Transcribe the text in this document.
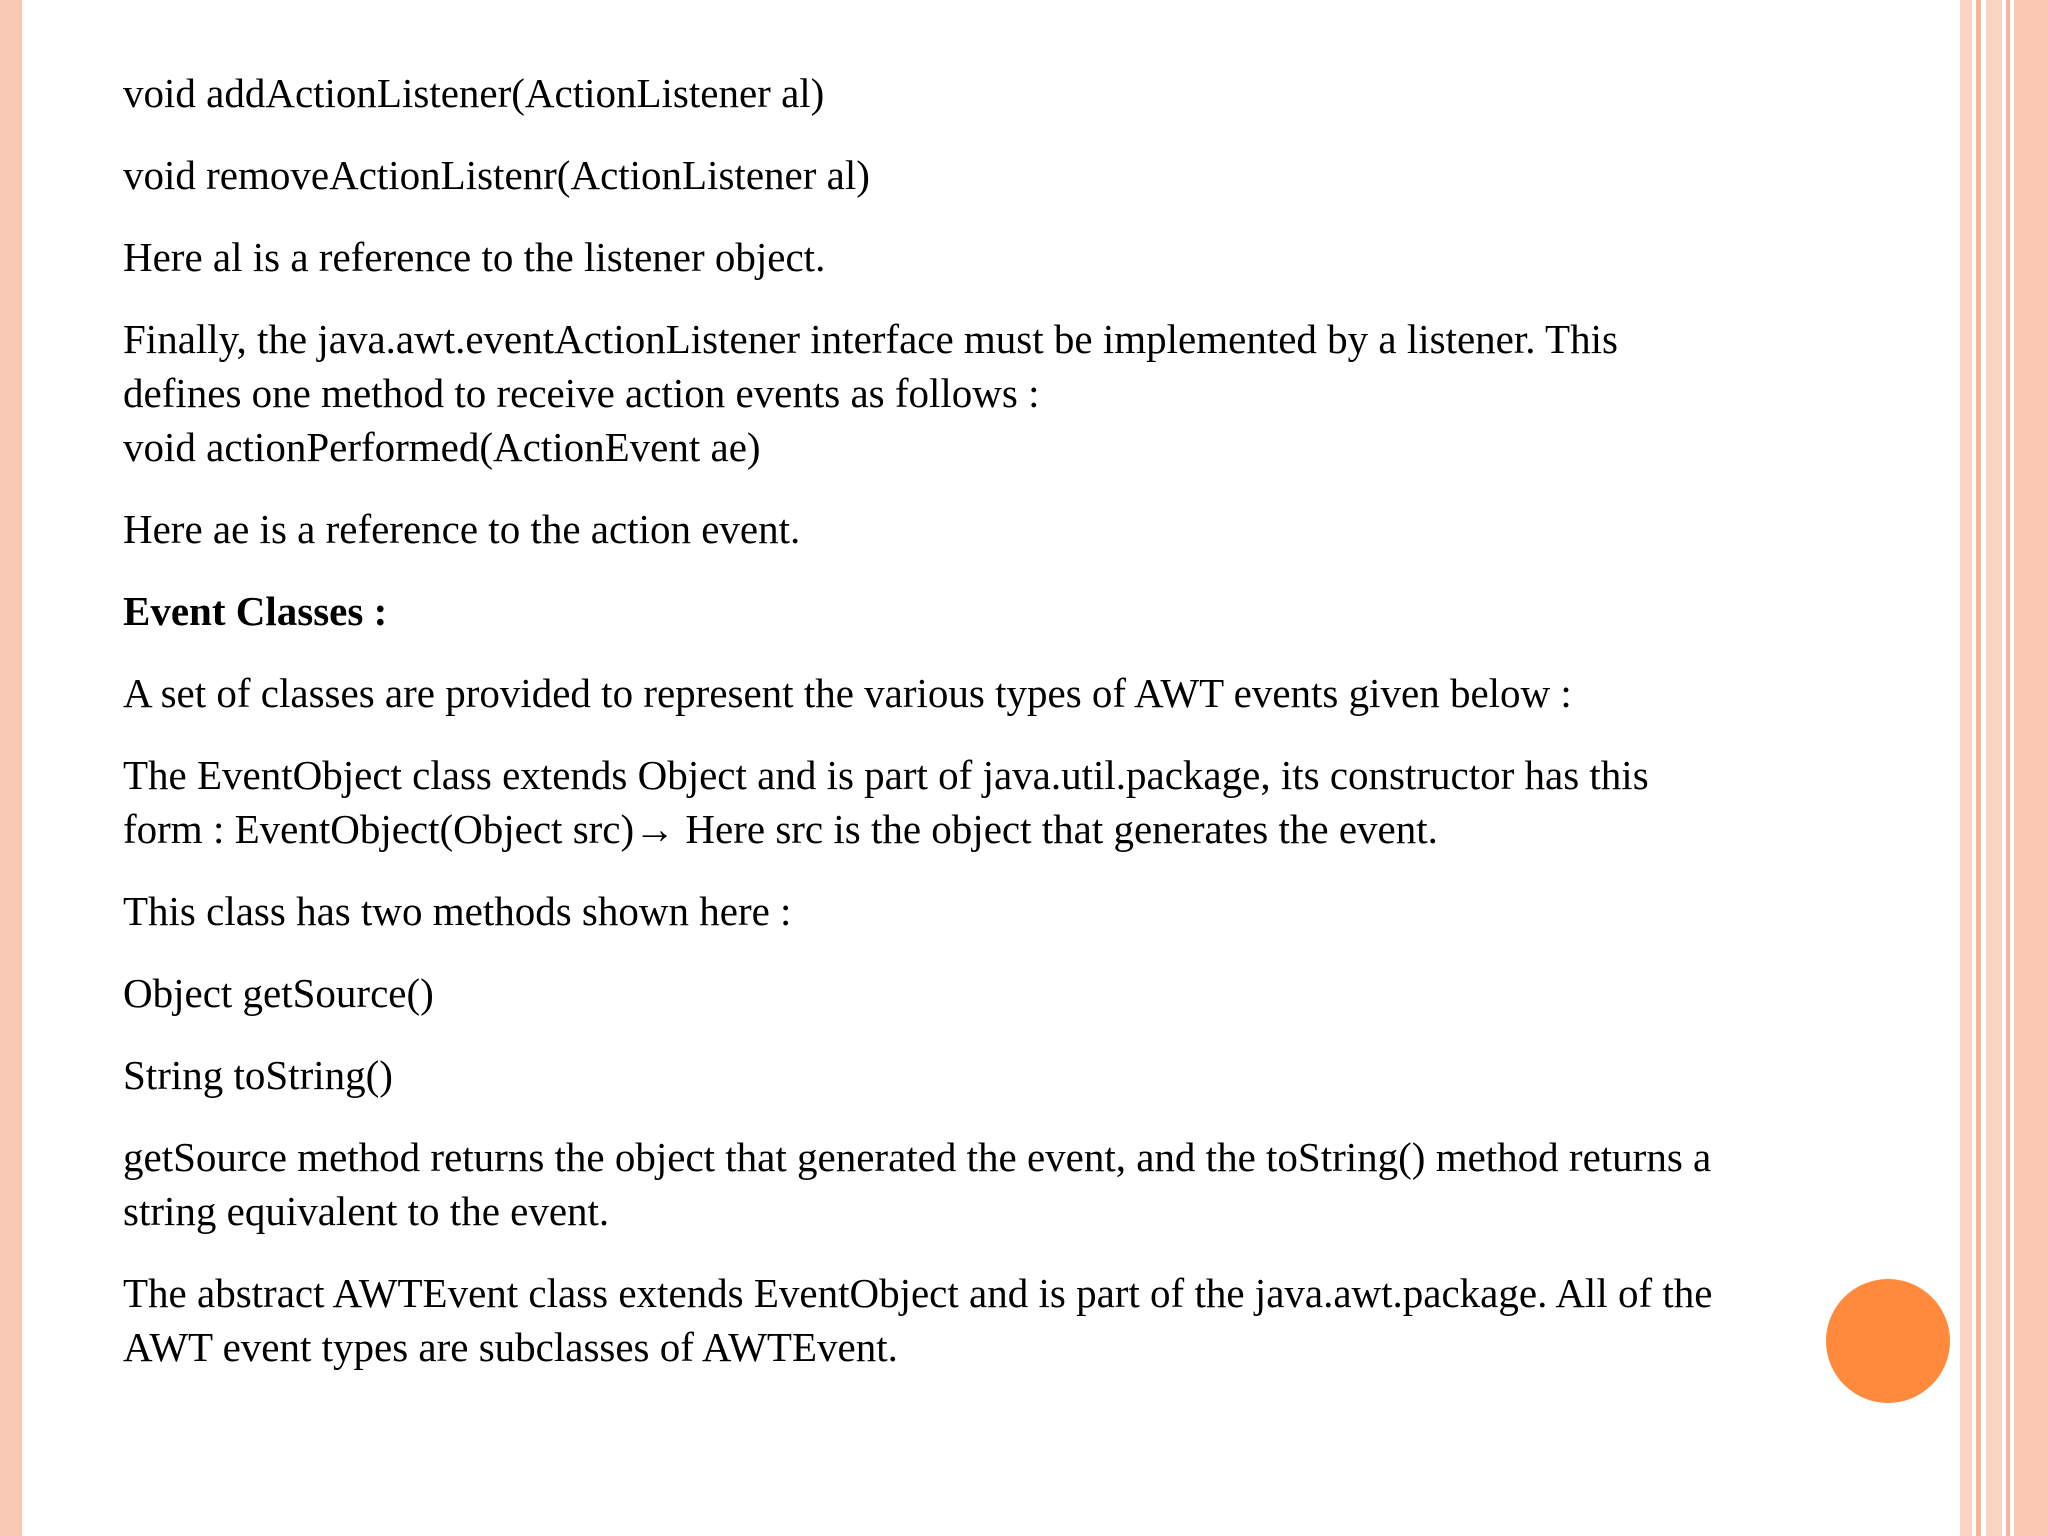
void addActionListener(ActionListener al)

void removeActionListenr(ActionListener al)

Here al is a reference to the listener object.

Finally, the java.awt.eventActionListener interface must be implemented by a listener. This
defines one method to receive action events as follows :
void actionPerformed(ActionEvent ae)

Here ae is a reference to the action event.

Event Classes :

A set of classes are provided to represent the various types of AWT events given below :

The EventObject class extends Object and is part of java.util.package, its constructor has this
form : EventObject(Object src)→ Here src is the object that generates the event.

This class has two methods shown here :

Object getSource()

String toString()

getSource method returns the object that generated the event, and the toString() method returns a
string equivalent to the event.

The abstract AWTEvent class extends EventObject and is part of the java.awt.package. All of the
AWT event types are subclasses of AWTEvent.
